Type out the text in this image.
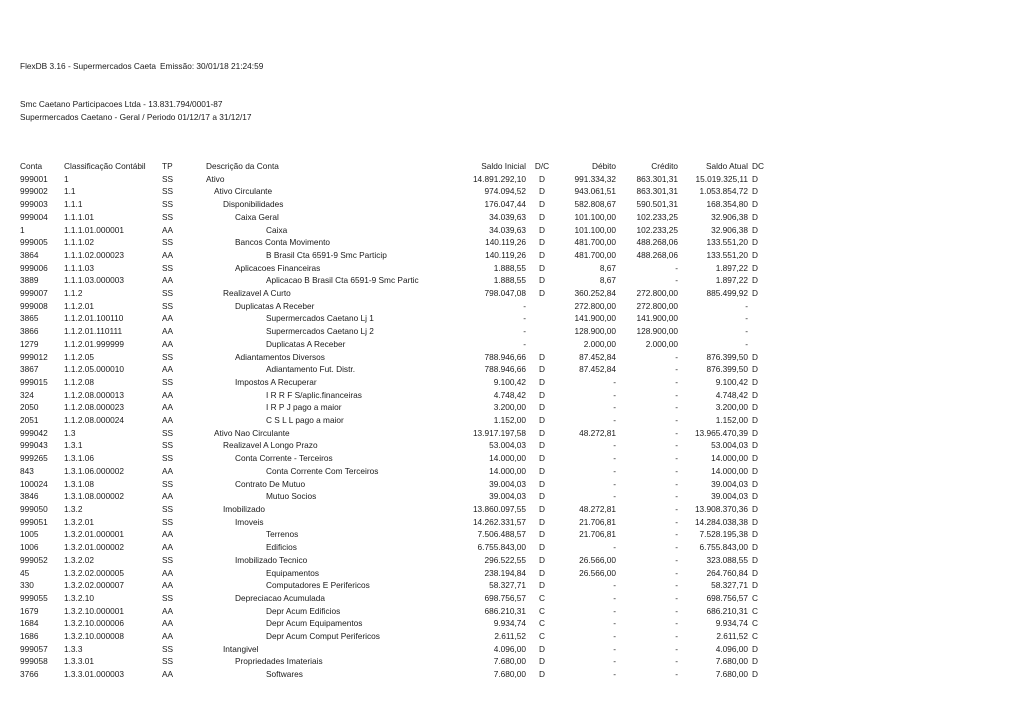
FlexDB 3.16 - Supermercados Caeta Emissão: 30/01/18 21:24:59
Smc Caetano Participacoes Ltda - 13.831.794/0001-87
Supermercados Caetano - Geral / Periodo 01/12/17 a 31/12/17
Conta	Classificação Contábil	TP	Descrição da Conta	Saldo Inicial	D/C	Débito	Crédito	Saldo Atual	DC
999001	1	SS	Ativo	14.891.292,10	D	991.334,32	863.301,31	15.019.325,11	D
999002	1.1	SS	Ativo Circulante	974.094,52	D	943.061,51	863.301,31	1.053.854,72	D
999003	1.1.1	SS	Disponibilidades	176.047,44	D	582.808,67	590.501,31	168.354,80	D
999004	1.1.1.01	SS	Caixa Geral	34.039,63	D	101.100,00	102.233,25	32.906,38	D
1	1.1.1.01.000001	AA	Caixa	34.039,63	D	101.100,00	102.233,25	32.906,38	D
999005	1.1.1.02	SS	Bancos Conta Movimento	140.119,26	D	481.700,00	488.268,06	133.551,20	D
3864	1.1.1.02.000023	AA	B Brasil Cta 6591-9 Smc Particip	140.119,26	D	481.700,00	488.268,06	133.551,20	D
999006	1.1.1.03	SS	Aplicacoes Financeiras	1.888,55	D	8,67	-	1.897,22	D
3889	1.1.1.03.000003	AA	Aplicacao B Brasil Cta 6591-9 Smc Partic	1.888,55	D	8,67	-	1.897,22	D
999007	1.1.2	SS	Realizavel A Curto	798.047,08	D	360.252,84	272.800,00	885.499,92	D
999008	1.1.2.01	SS	Duplicatas A Receber	-		272.800,00	272.800,00	-	
3865	1.1.2.01.100110	AA	Supermercados Caetano Lj 1	-		141.900,00	141.900,00	-	
3866	1.1.2.01.110111	AA	Supermercados Caetano Lj 2	-		128.900,00	128.900,00	-	
1279	1.1.2.01.999999	AA	Duplicatas A Receber	-		2.000,00	2.000,00	-	
999012	1.1.2.05	SS	Adiantamentos Diversos	788.946,66	D	87.452,84	-	876.399,50	D
3867	1.1.2.05.000010	AA	Adiantamento Fut. Distr.	788.946,66	D	87.452,84	-	876.399,50	D
999015	1.1.2.08	SS	Impostos A Recuperar	9.100,42	D	-	-	9.100,42	D
324	1.1.2.08.000013	AA	I R R F S/aplic.financeiras	4.748,42	D	-	-	4.748,42	D
2050	1.1.2.08.000023	AA	I R P J pago a maior	3.200,00	D	-	-	3.200,00	D
2051	1.1.2.08.000024	AA	C S L L pago a maior	1.152,00	D	-	-	1.152,00	D
999042	1.3	SS	Ativo Nao Circulante	13.917.197,58	D	48.272,81	-	13.965.470,39	D
999043	1.3.1	SS	Realizavel A Longo Prazo	53.004,03	D	-	-	53.004,03	D
999265	1.3.1.06	SS	Conta Corrente - Terceiros	14.000,00	D	-	-	14.000,00	D
843	1.3.1.06.000002	AA	Conta Corrente Com Terceiros	14.000,00	D	-	-	14.000,00	D
100024	1.3.1.08	SS	Contrato De Mutuo	39.004,03	D	-	-	39.004,03	D
3846	1.3.1.08.000002	AA	Mutuo Socios	39.004,03	D	-	-	39.004,03	D
999050	1.3.2	SS	Imobilizado	13.860.097,55	D	48.272,81	-	13.908.370,36	D
999051	1.3.2.01	SS	Imoveis	14.262.331,57	D	21.706,81	-	14.284.038,38	D
1005	1.3.2.01.000001	AA	Terrenos	7.506.488,57	D	21.706,81	-	7.528.195,38	D
1006	1.3.2.01.000002	AA	Edificios	6.755.843,00	D	-	-	6.755.843,00	D
999052	1.3.2.02	SS	Imobilizado Tecnico	296.522,55	D	26.566,00	-	323.088,55	D
45	1.3.2.02.000005	AA	Equipamentos	238.194,84	D	26.566,00	-	264.760,84	D
330	1.3.2.02.000007	AA	Computadores E Perifericos	58.327,71	D	-	-	58.327,71	D
999055	1.3.2.10	SS	Depreciacao Acumulada	698.756,57	C	-	-	698.756,57	C
1679	1.3.2.10.000001	AA	Depr Acum Edificios	686.210,31	C	-	-	686.210,31	C
1684	1.3.2.10.000006	AA	Depr Acum Equipamentos	9.934,74	C	-	-	9.934,74	C
1686	1.3.2.10.000008	AA	Depr Acum Comput Perifericos	2.611,52	C	-	-	2.611,52	C
999057	1.3.3	SS	Intangivel	4.096,00	D	-	-	4.096,00	D
999058	1.3.3.01	SS	Propriedades Imateriais	7.680,00	D	-	-	7.680,00	D
3766	1.3.3.01.000003	AA	Softwares	7.680,00	D	-	-	7.680,00	D
